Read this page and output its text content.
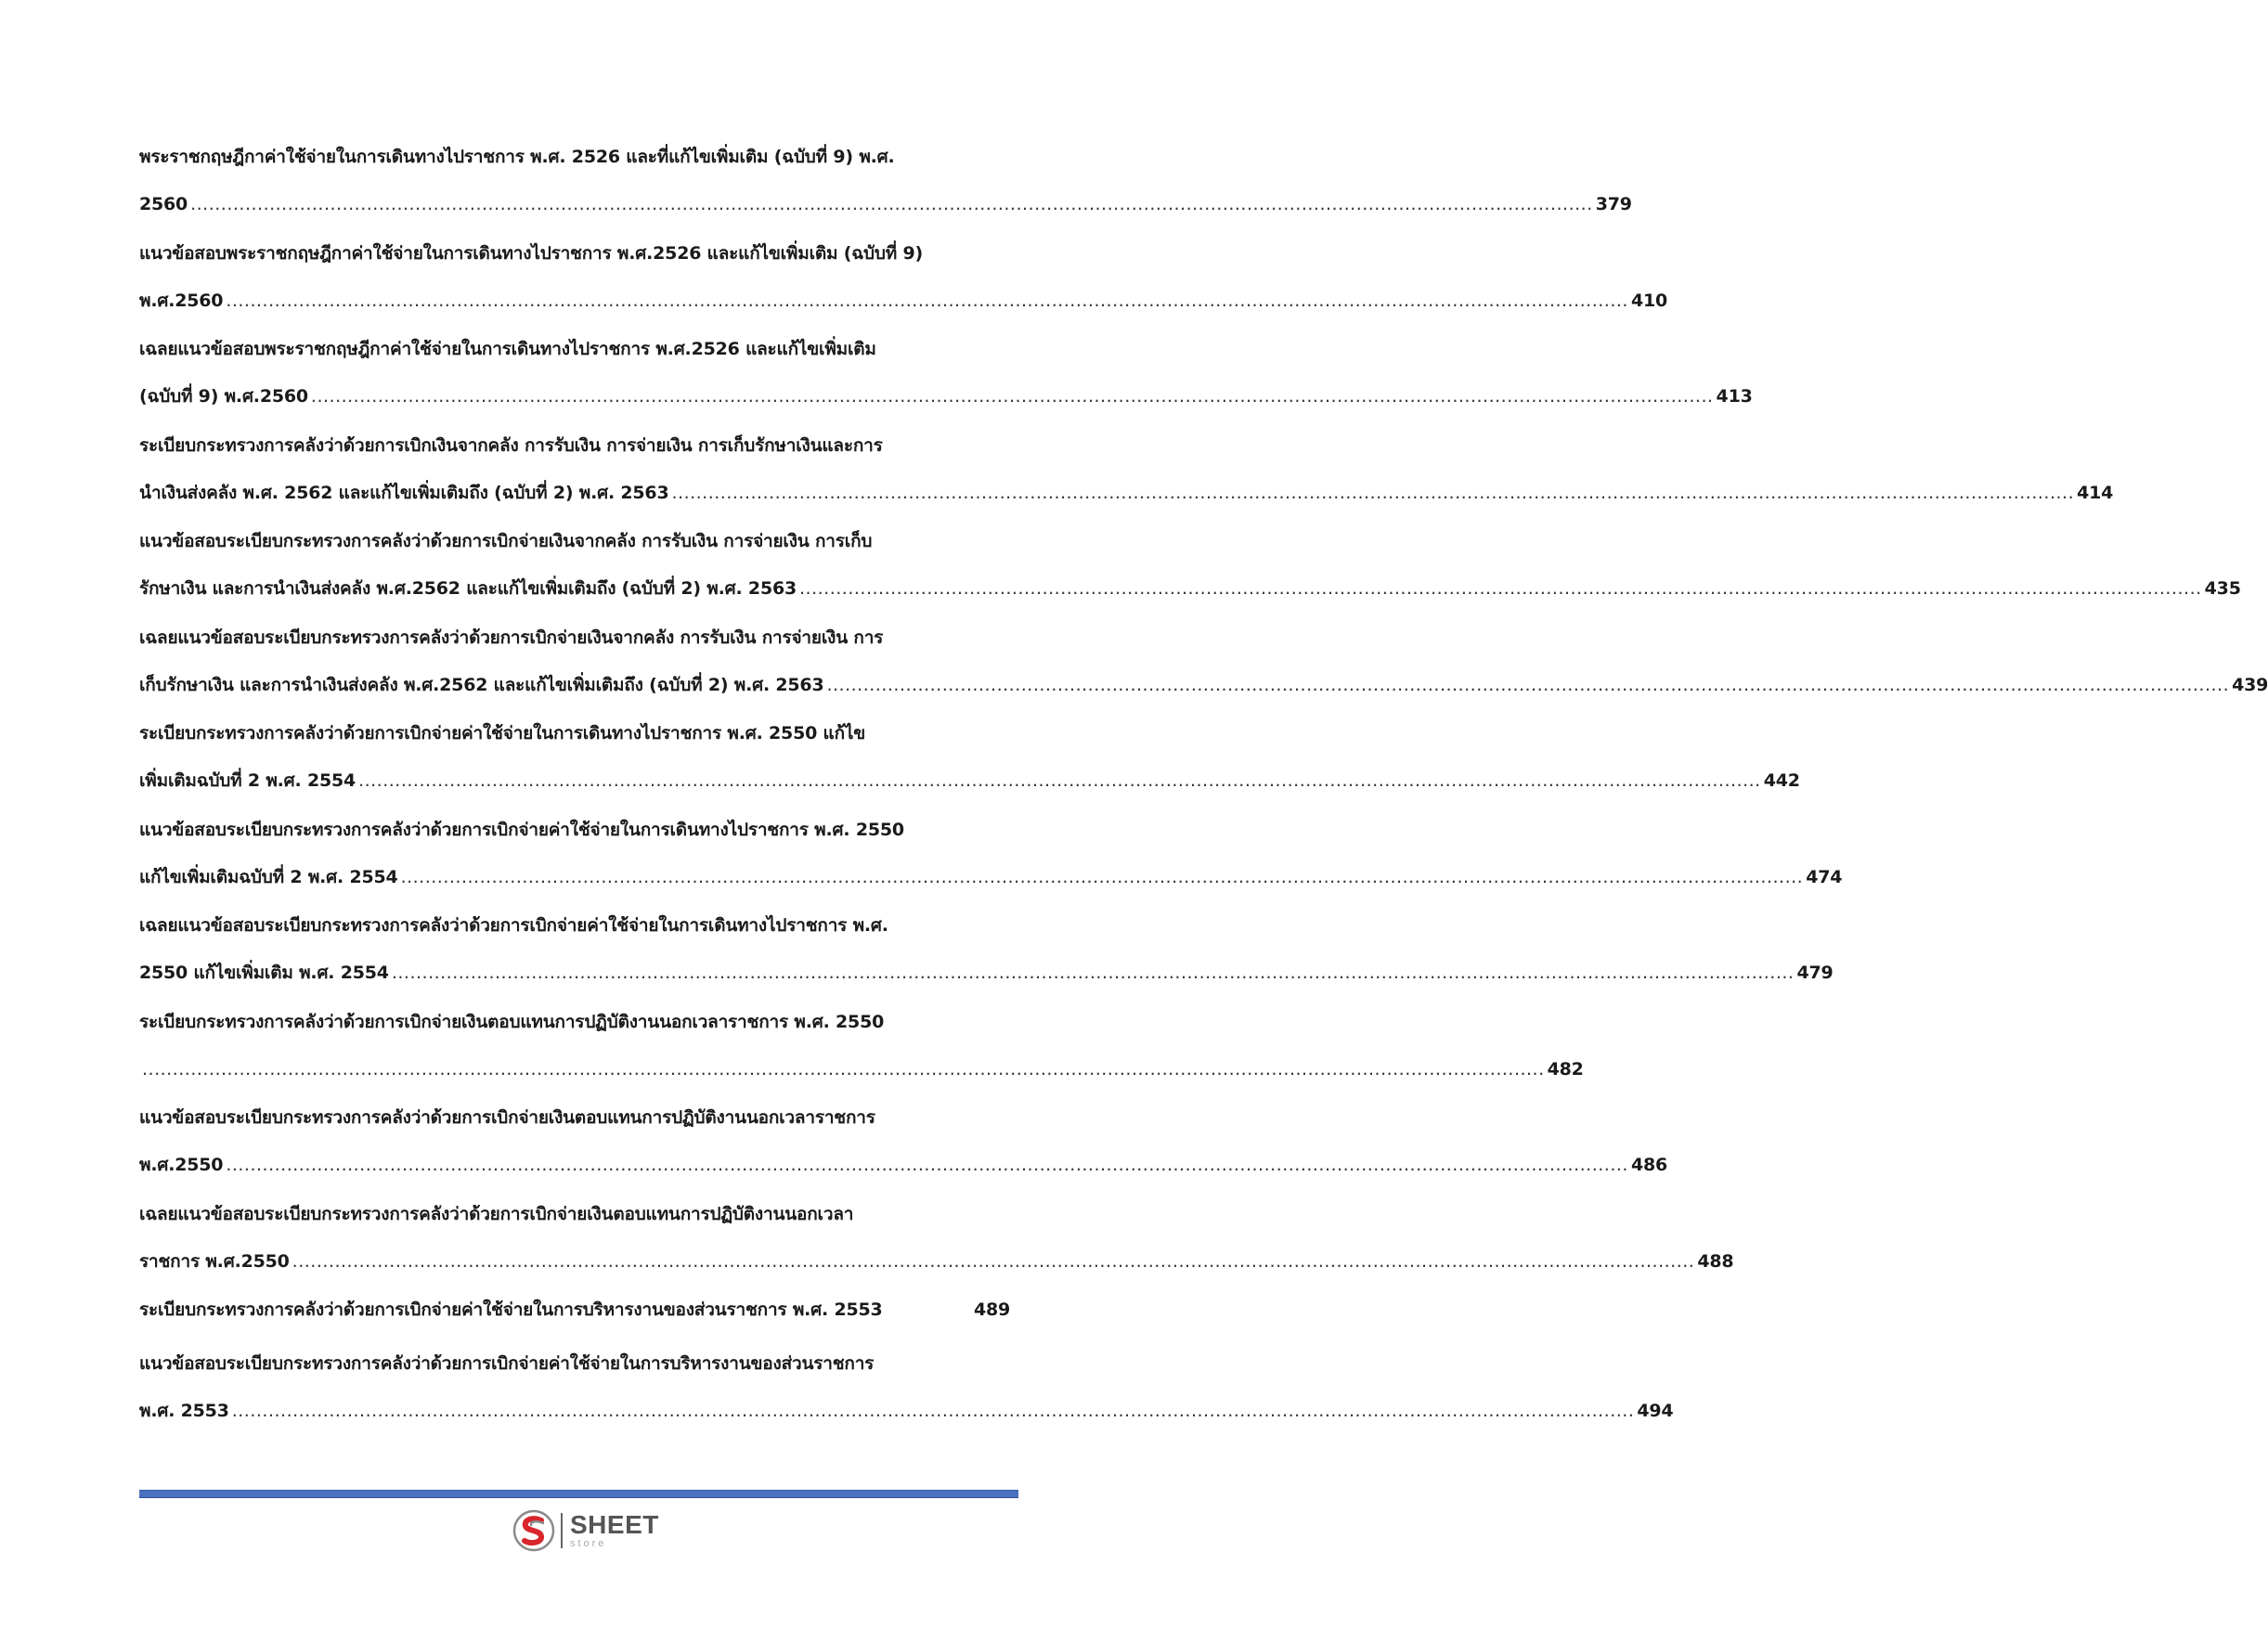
พระราชกฤษฎีกาค่าใช้จ่ายในการเดินทางไปราชการ พ.ศ. 2526 และที่แก้ไขเพิ่มเติม (ฉบับที่ 9) พ.ศ.
2560 ....................................................................................................................................................................................................................................... 379
แนวข้อสอบพระราชกฤษฎีกาค่าใช้จ่ายในการเดินทางไปราชการ พ.ศ.2526 และแก้ไขเพิ่มเติม (ฉบับที่ 9)
พ.ศ.2560 ....................................................................................................................................................................................................................................... 410
เฉลยแนวข้อสอบพระราชกฤษฎีกาค่าใช้จ่ายในการเดินทางไปราชการ พ.ศ.2526 และแก้ไขเพิ่มเติม
(ฉบับที่ 9) พ.ศ.2560 ....................................................................................................................................................................................................................................... 413
ระเบียบกระทรวงการคลังว่าด้วยการเบิกเงินจากคลัง การรับเงิน การจ่ายเงิน การเก็บรักษาเงินและการ
นำเงินส่งคลัง พ.ศ. 2562 และแก้ไขเพิ่มเติมถึง (ฉบับที่ 2) พ.ศ. 2563 ....................................................................................................................................................................................................................................... 414
แนวข้อสอบระเบียบกระทรวงการคลังว่าด้วยการเบิกจ่ายเงินจากคลัง การรับเงิน การจ่ายเงิน การเก็บ
รักษาเงิน และการนำเงินส่งคลัง พ.ศ.2562 และแก้ไขเพิ่มเติมถึง (ฉบับที่ 2) พ.ศ. 2563 ....................................................................................................................................................................................................................................... 435
เฉลยแนวข้อสอบระเบียบกระทรวงการคลังว่าด้วยการเบิกจ่ายเงินจากคลัง การรับเงิน การจ่ายเงิน การ
เก็บรักษาเงิน และการนำเงินส่งคลัง พ.ศ.2562 และแก้ไขเพิ่มเติมถึง (ฉบับที่ 2) พ.ศ. 2563 ....................................................................................................................................................................................................................................... 439
ระเบียบกระทรวงการคลังว่าด้วยการเบิกจ่ายค่าใช้จ่ายในการเดินทางไปราชการ พ.ศ. 2550 แก้ไข
เพิ่มเติมฉบับที่ 2 พ.ศ. 2554 ....................................................................................................................................................................................................................................... 442
แนวข้อสอบระเบียบกระทรวงการคลังว่าด้วยการเบิกจ่ายค่าใช้จ่ายในการเดินทางไปราชการ พ.ศ. 2550
แก้ไขเพิ่มเติมฉบับที่ 2 พ.ศ. 2554 ....................................................................................................................................................................................................................................... 474
เฉลยแนวข้อสอบระเบียบกระทรวงการคลังว่าด้วยการเบิกจ่ายค่าใช้จ่ายในการเดินทางไปราชการ พ.ศ.
2550 แก้ไขเพิ่มเติม พ.ศ. 2554 ....................................................................................................................................................................................................................................... 479
ระเบียบกระทรวงการคลังว่าด้วยการเบิกจ่ายเงินตอบแทนการปฏิบัติงานนอกเวลาราชการ พ.ศ. 2550
....................................................................................................................................................................................................................................... 482
แนวข้อสอบระเบียบกระทรวงการคลังว่าด้วยการเบิกจ่ายเงินตอบแทนการปฏิบัติงานนอกเวลาราชการ
พ.ศ.2550 ....................................................................................................................................................................................................................................... 486
เฉลยแนวข้อสอบระเบียบกระทรวงการคลังว่าด้วยการเบิกจ่ายเงินตอบแทนการปฏิบัติงานนอกเวลา
ราชการ พ.ศ.2550 ....................................................................................................................................................................................................................................... 488
ระเบียบกระทรวงการคลังว่าด้วยการเบิกจ่ายค่าใช้จ่ายในการบริหารงานของส่วนราชการ พ.ศ. 2553	489
แนวข้อสอบระเบียบกระทรวงการคลังว่าด้วยการเบิกจ่ายค่าใช้จ่ายในการบริหารงานของส่วนราชการ
พ.ศ. 2553 ....................................................................................................................................................................................................................................... 494
SHEET
store
